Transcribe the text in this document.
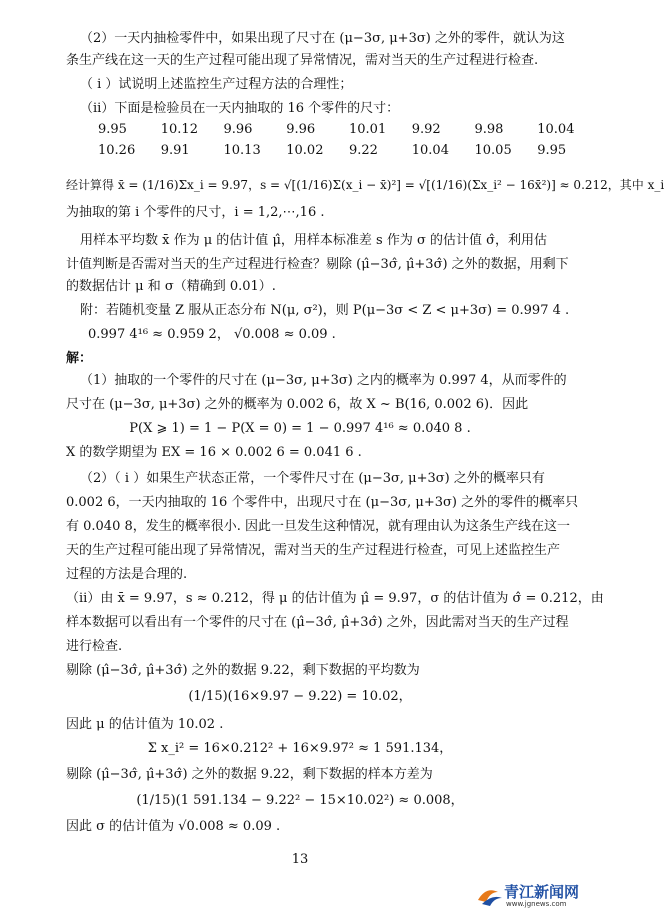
（2）一天内抽检零件中，如果出现了尺寸在 (μ−3σ, μ+3σ) 之外的零件，就认为这
条生产线在这一天的生产过程可能出现了异常情况，需对当天的生产过程进行检查.
（ i ）试说明上述监控生产过程方法的合理性；
（ii）下面是检验员在一天内抽取的 16 个零件的尺寸：
9.95	10.12	9.96	9.96	10.01	9.92	9.98	10.04
10.26	9.91	10.13	10.02	9.22	10.04	10.05	9.95
经计算得 x̄ = (1/16)Σx_i = 9.97，s = √[(1/16)Σ(x_i − x̄)²] = √[(1/16)(Σx_i² − 16x̄²)] ≈ 0.212，其中 x_i
为抽取的第 i 个零件的尺寸，i = 1,2,⋯,16 .
用样本平均数 x̄ 作为 μ 的估计值 μ̂，用样本标准差 s 作为 σ 的估计值 σ̂，利用估
计值判断是否需对当天的生产过程进行检查？剔除 (μ̂−3σ̂, μ̂+3σ̂) 之外的数据，用剩下
的数据估计 μ 和 σ（精确到 0.01）.
附：若随机变量 Z 服从正态分布 N(μ, σ²)，则 P(μ−3σ < Z < μ+3σ) = 0.997 4 .
0.997 4¹⁶ ≈ 0.959 2， √0.008 ≈ 0.09 .
解：
（1）抽取的一个零件的尺寸在 (μ−3σ, μ+3σ) 之内的概率为 0.997 4，从而零件的
尺寸在 (μ−3σ, μ+3σ) 之外的概率为 0.002 6，故 X ~ B(16, 0.002 6)．因此
P(X ⩾ 1) = 1 − P(X = 0) = 1 − 0.997 4¹⁶ ≈ 0.040 8 .
X 的数学期望为 EX = 16 × 0.002 6 = 0.041 6 .
（2）（ i ）如果生产状态正常，一个零件尺寸在 (μ−3σ, μ+3σ) 之外的概率只有
0.002 6，一天内抽取的 16 个零件中，出现尺寸在 (μ−3σ, μ+3σ) 之外的零件的概率只
有 0.040 8，发生的概率很小. 因此一旦发生这种情况，就有理由认为这条生产线在这一
天的生产过程可能出现了异常情况，需对当天的生产过程进行检查，可见上述监控生产
过程的方法是合理的.
（ii）由 x̄ = 9.97，s ≈ 0.212，得 μ 的估计值为 μ̂ = 9.97，σ 的估计值为 σ̂ = 0.212，由
样本数据可以看出有一个零件的尺寸在 (μ̂−3σ̂, μ̂+3σ̂) 之外，因此需对当天的生产过程
进行检查.
剔除 (μ̂−3σ̂, μ̂+3σ̂) 之外的数据 9.22，剩下数据的平均数为
(1/15)(16×9.97 − 9.22) = 10.02，
因此 μ 的估计值为 10.02 .
Σ x_i² = 16×0.212² + 16×9.97² ≈ 1 591.134，
剔除 (μ̂−3σ̂, μ̂+3σ̂) 之外的数据 9.22，剩下数据的样本方差为
(1/15)(1 591.134 − 9.22² − 15×10.02²) ≈ 0.008，
因此 σ 的估计值为 √0.008 ≈ 0.09 .
13
青江新闻网
www.jgnews.com
